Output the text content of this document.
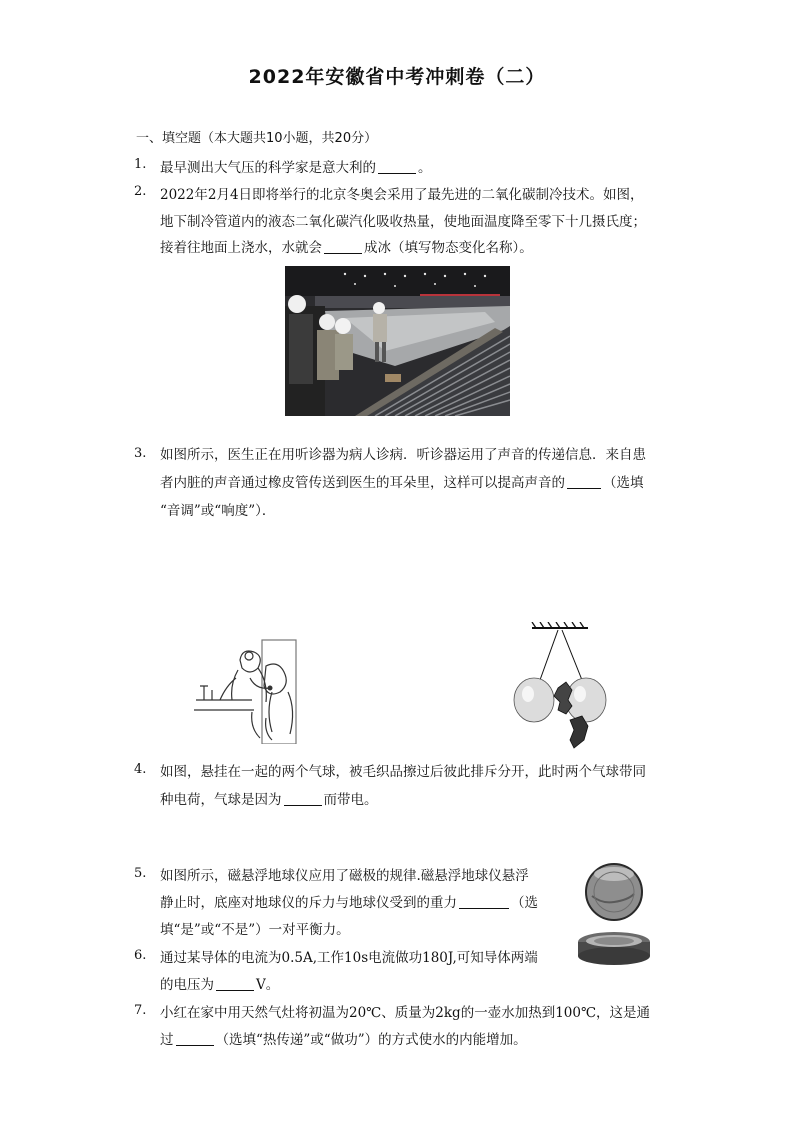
2022年安徽省中考冲刺卷（二）
一、填空题（本大题共10小题，共20分）
1. 最早测出大气压的科学家是意大利的	。
2. 2022年2月4日即将举行的北京冬奥会采用了最先进的二氧化碳制冷技术。如图，
地下制冷管道内的液态二氧化碳汽化吸收热量，使地面温度降至零下十几摄氏度；
接着往地面上浇水，水就会	成冰（填写物态变化名称）。
3. 如图所示，医生正在用听诊器为病人诊病．听诊器运用了声音的传递信息．来自患
者内脏的声音通过橡皮管传送到医生的耳朵里，这样可以提高声音的	（选填
“音调”或“响度”）．
4. 如图，悬挂在一起的两个气球，被毛织品擦过后彼此排斥分开，此时两个气球带同
种电荷，气球是因为	而带电。
5. 如图所示，磁悬浮地球仪应用了磁极的规律.磁悬浮地球仪悬浮
静止时，底座对地球仪的斥力与地球仪受到的重力	（选
填“是”或“不是”）一对平衡力。
6. 通过某导体的电流为0.5A,工作10s电流做功180J,可知导体两端
的电压为	V。
7. 小红在家中用天然气灶将初温为20℃、质量为2kg的一壶水加热到100℃，这是通
过	（选填“热传递”或“做功”）的方式使水的内能增加。
